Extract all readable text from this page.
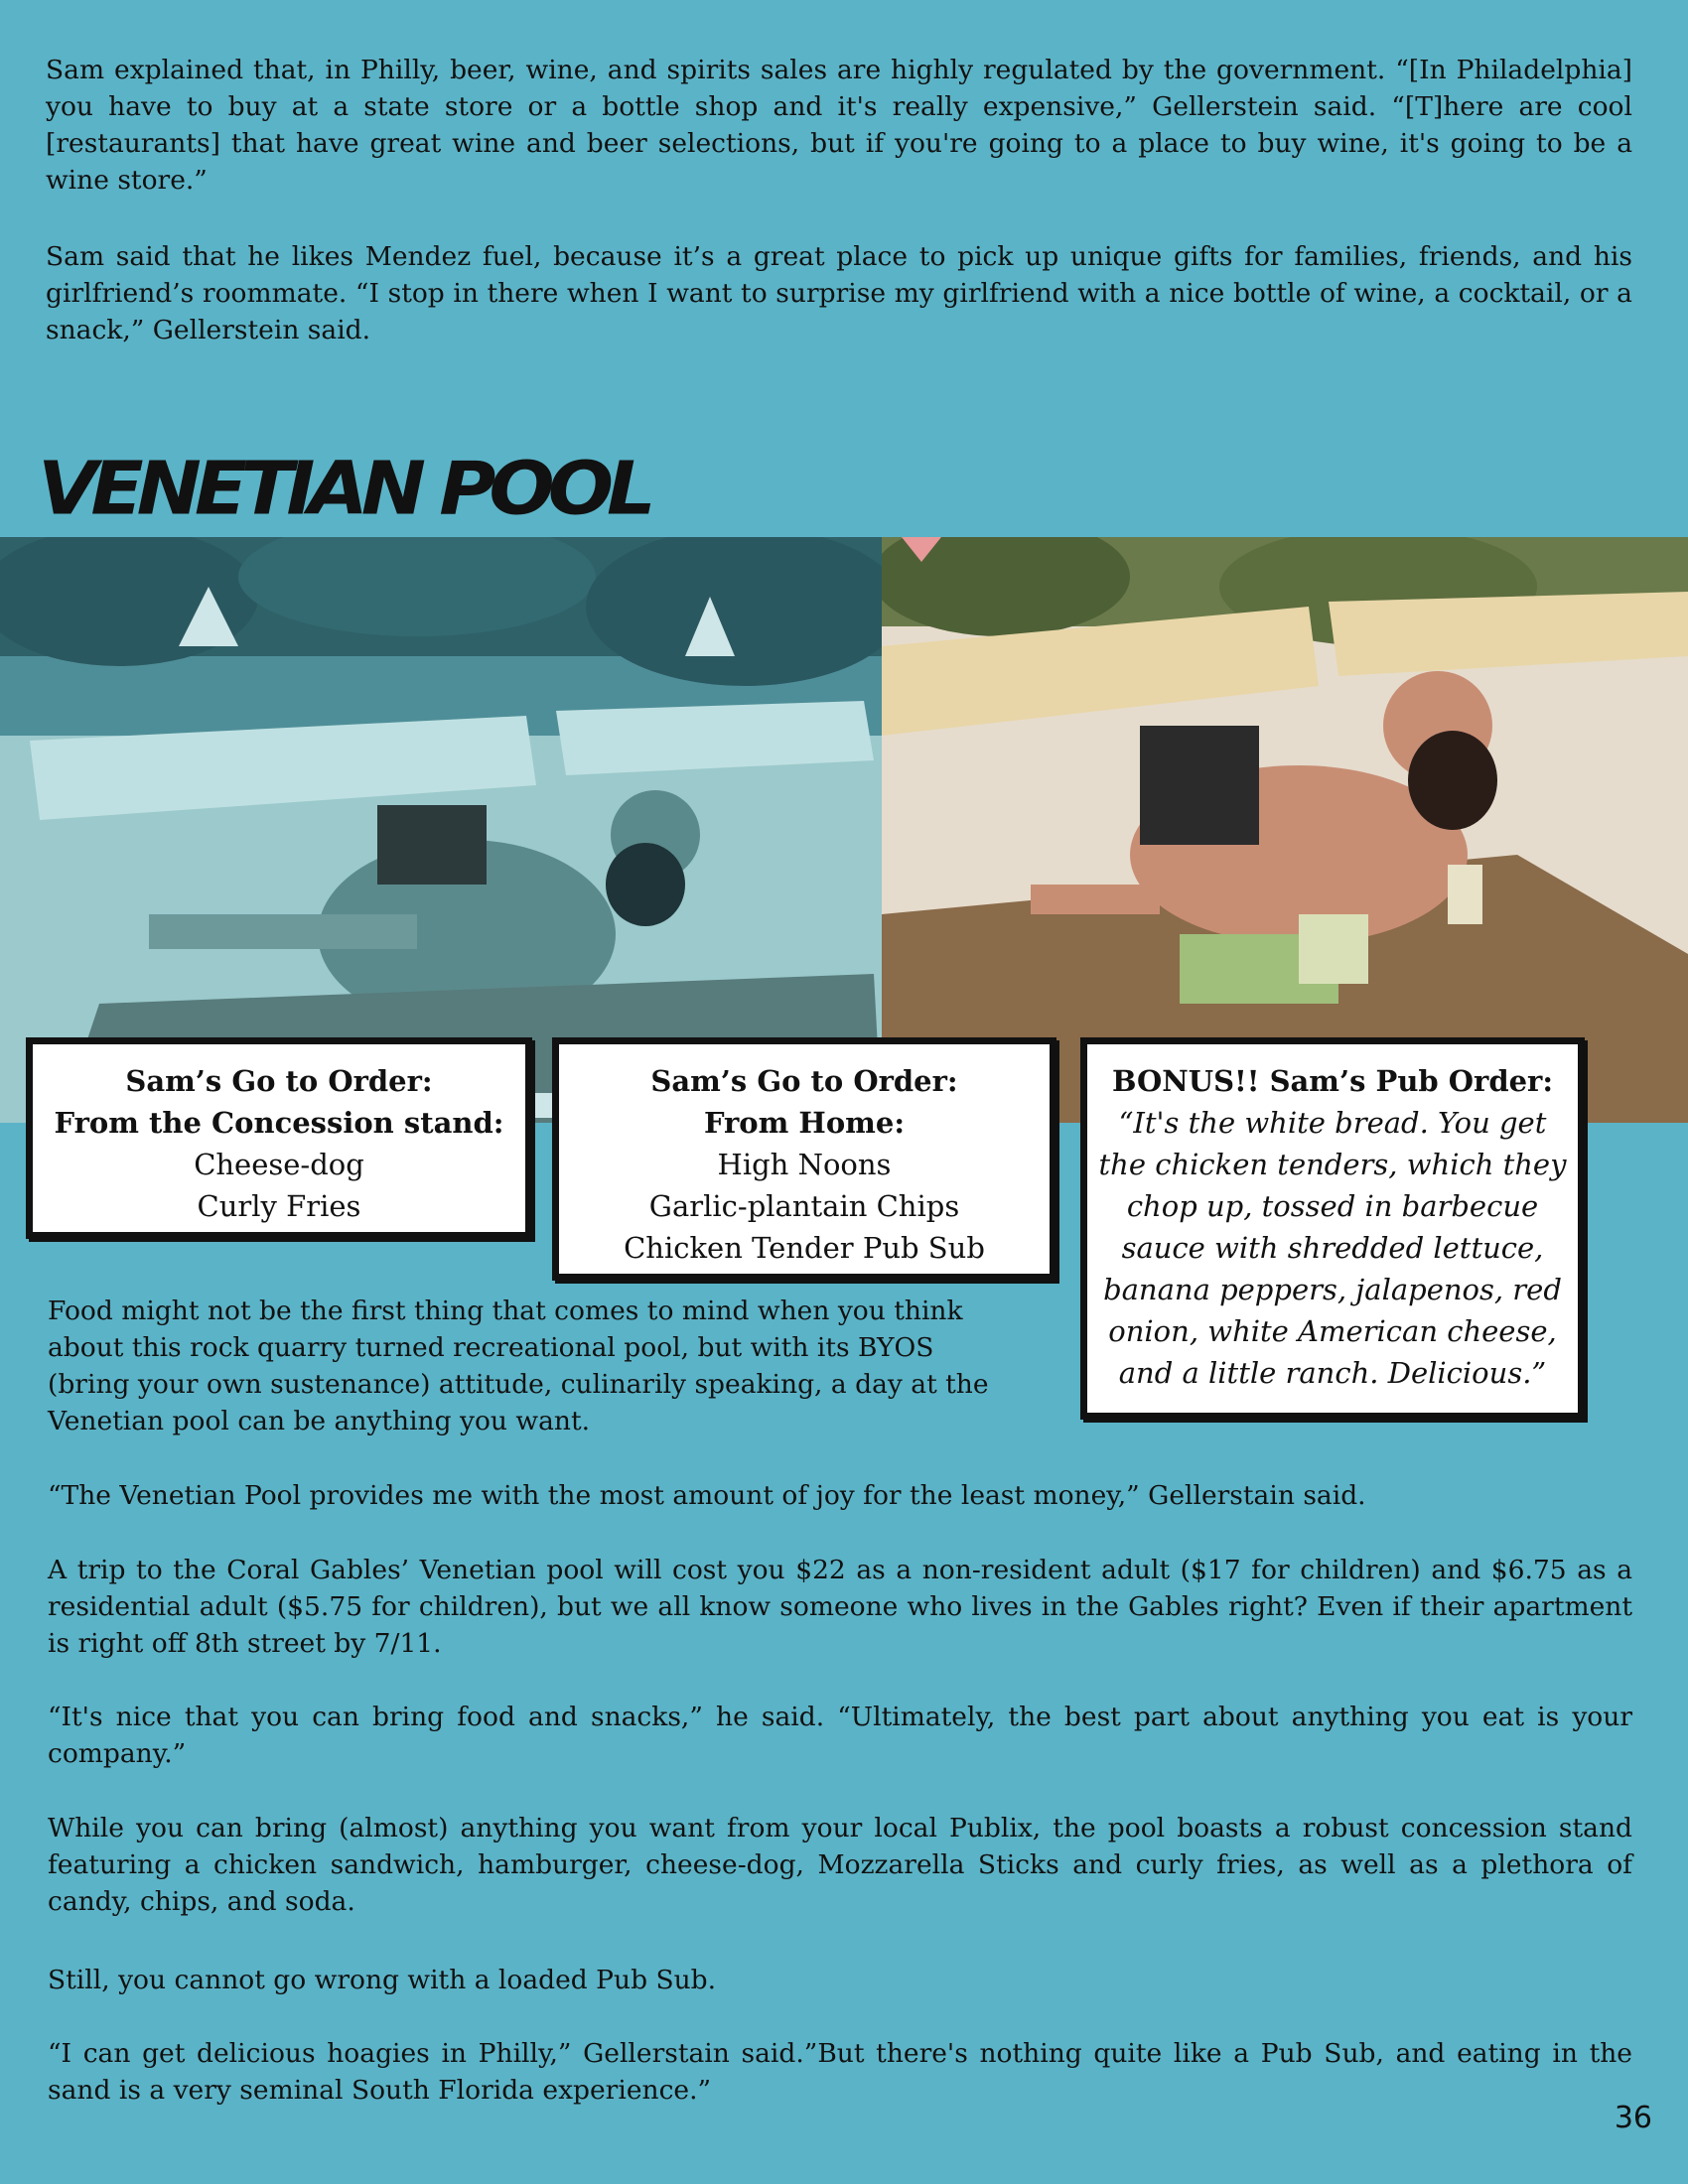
Sam explained that, in Philly, beer, wine, and spirits sales are highly regulated by the government. “[In Philadelphia] you have to buy at a state store or a bottle shop and it's really expensive,” Gellerstein said. “[T]here are cool [restaurants] that have great wine and beer selections, but if you're going to a place to buy wine, it's going to be a wine store.”

Sam said that he likes Mendez fuel, because it’s a great place to pick up unique gifts for families, friends, and his girlfriend’s roommate. “I stop in there when I want to surprise my girlfriend with a nice bottle of wine, a cocktail, or a snack,” Gellerstein said.

VENETIAN POOL
Sam’s Go to Order:
From the Concession stand:
Cheese-dog
Curly Fries
Sam’s Go to Order:
From Home:
High Noons
Garlic-plantain Chips
Chicken Tender Pub Sub
BONUS!! Sam’s Pub Order:
“It's the white bread. You get
the chicken tenders, which they
chop up, tossed in barbecue
sauce with shredded lettuce,
banana peppers, jalapenos, red
onion, white American cheese,
and a little ranch. Delicious.”
Food might not be the first thing that comes to mind when you think
about this rock quarry turned recreational pool, but with its BYOS
(bring your own sustenance) attitude, culinarily speaking, a day at the
Venetian pool can be anything you want.

“The Venetian Pool provides me with the most amount of joy for the least money,” Gellerstain said.

A trip to the Coral Gables’ Venetian pool will cost you $22 as a non-resident adult ($17 for children) and $6.75 as a residential adult ($5.75 for children), but we all know someone who lives in the Gables right? Even if their apartment is right off 8th street by 7/11.

“It's nice that you can bring food and snacks,” he said. “Ultimately, the best part about anything you eat is your company.”

While you can bring (almost) anything you want from your local Publix, the pool boasts a robust concession stand featuring a chicken sandwich, hamburger, cheese-dog, Mozzarella Sticks and curly fries, as well as a plethora of candy, chips, and soda.

Still, you cannot go wrong with a loaded Pub Sub.

“I can get delicious hoagies in Philly,” Gellerstain said.”But there's nothing quite like a Pub Sub, and eating in the sand is a very seminal South Florida experience.”

36
